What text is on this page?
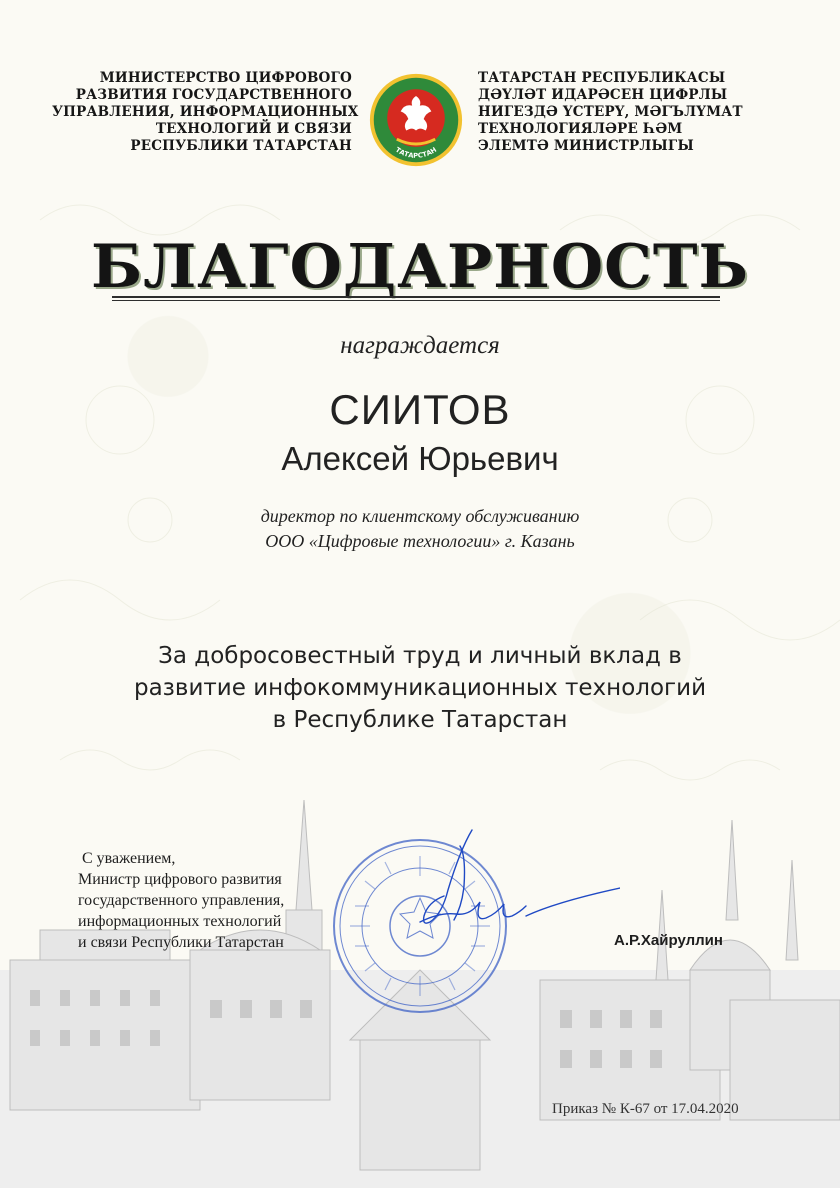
МИНИСТЕРСТВО ЦИФРОВОГО
РАЗВИТИЯ ГОСУДАРСТВЕННОГО
УПРАВЛЕНИЯ, ИНФОРМАЦИОННЫХ
ТЕХНОЛОГИЙ И СВЯЗИ
РЕСПУБЛИКИ ТАТАРСТАН	ТАТАРСТАН
ТАТАРСТАН РЕСПУБЛИКАСЫ
ДӘҮЛӘТ ИДАРӘСЕН ЦИФРЛЫ
НИГЕЗДӘ ҮСТЕРҮ, МӘГЪЛҮМАТ
ТЕХНОЛОГИЯЛӘРЕ ҺӘМ
ЭЛЕМТӘ МИНИСТРЛЫГЫ
БЛАГОДАРНОСТЬ
награждается
СИИТОВ
Алексей Юрьевич
директор по клиентскому обслуживанию
ООО «Цифровые технологии» г. Казань
За добросовестный труд и личный вклад в
развитие инфокоммуникационных технологий
в Республике Татарстан
С уважением,
Министр цифрового развития
государственного управления,
информационных технологий
и связи Республики Татарстан	А.Р.Хайруллин
Приказ № К-67 от 17.04.2020
